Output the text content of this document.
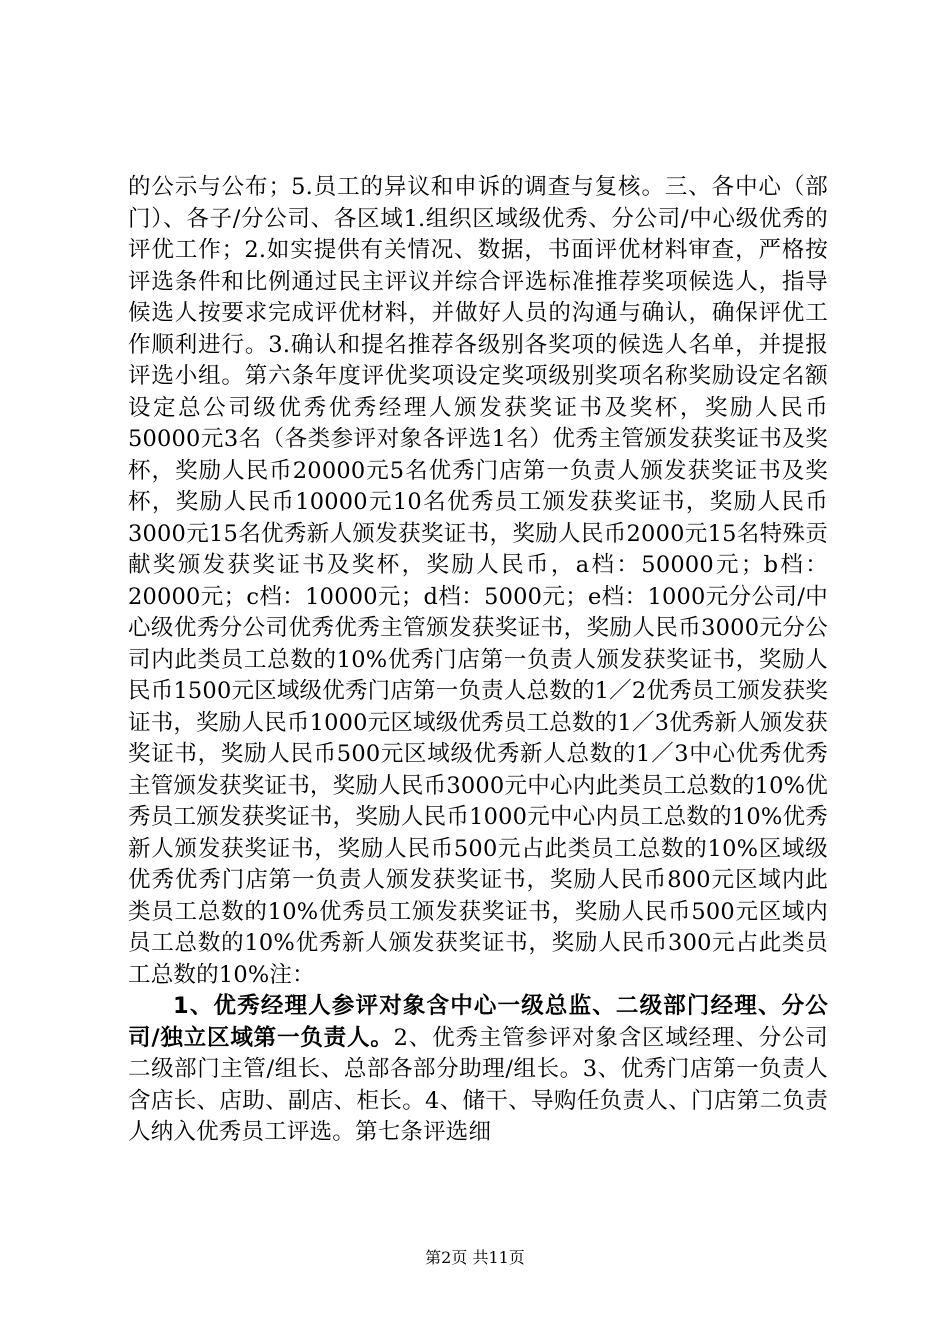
的公示与公布；5.员工的异议和申诉的调查与复核。三、各中心（部门）、各子/分公司、各区域1.组织区域级优秀、分公司/中心级优秀的评优工作；2.如实提供有关情况、数据，书面评优材料审查，严格按评选条件和比例通过民主评议并综合评选标准推荐奖项候选人，指导候选人按要求完成评优材料，并做好人员的沟通与确认，确保评优工作顺利进行。3.确认和提名推荐各级别各奖项的候选人名单，并提报评选小组。第六条年度评优奖项设定奖项级别奖项名称奖励设定名额设定总公司级优秀优秀经理人颁发获奖证书及奖杯，奖励人民币50000元3名（各类参评对象各评选1名）优秀主管颁发获奖证书及奖杯，奖励人民币20000元5名优秀门店第一负责人颁发获奖证书及奖杯，奖励人民币10000元10名优秀员工颁发获奖证书，奖励人民币3000元15名优秀新人颁发获奖证书，奖励人民币2000元15名特殊贡献奖颁发获奖证书及奖杯，奖励人民币，a档：50000元；b档：20000元；c档：10000元；d档：5000元；e档：1000元分公司/中心级优秀分公司优秀优秀主管颁发获奖证书，奖励人民币3000元分公司内此类员工总数的10%优秀门店第一负责人颁发获奖证书，奖励人民币1500元区域级优秀门店第一负责人总数的1／2优秀员工颁发获奖证书，奖励人民币1000元区域级优秀员工总数的1／3优秀新人颁发获奖证书，奖励人民币500元区域级优秀新人总数的1／3中心优秀优秀主管颁发获奖证书，奖励人民币3000元中心内此类员工总数的10%优秀员工颁发获奖证书，奖励人民币1000元中心内员工总数的10%优秀新人颁发获奖证书，奖励人民币500元占此类员工总数的10%区域级优秀优秀门店第一负责人颁发获奖证书，奖励人民币800元区域内此类员工总数的10%优秀员工颁发获奖证书，奖励人民币500元区域内员工总数的10%优秀新人颁发获奖证书，奖励人民币300元占此类员工总数的10%注：

1、优秀经理人参评对象含中心一级总监、二级部门经理、分公司/独立区域第一负责人。2、优秀主管参评对象含区域经理、分公司二级部门主管/组长、总部各部分助理/组长。3、优秀门店第一负责人含店长、店助、副店、柜长。4、储干、导购任负责人、门店第二负责人纳入优秀员工评选。第七条评选细

第2页 共11页
